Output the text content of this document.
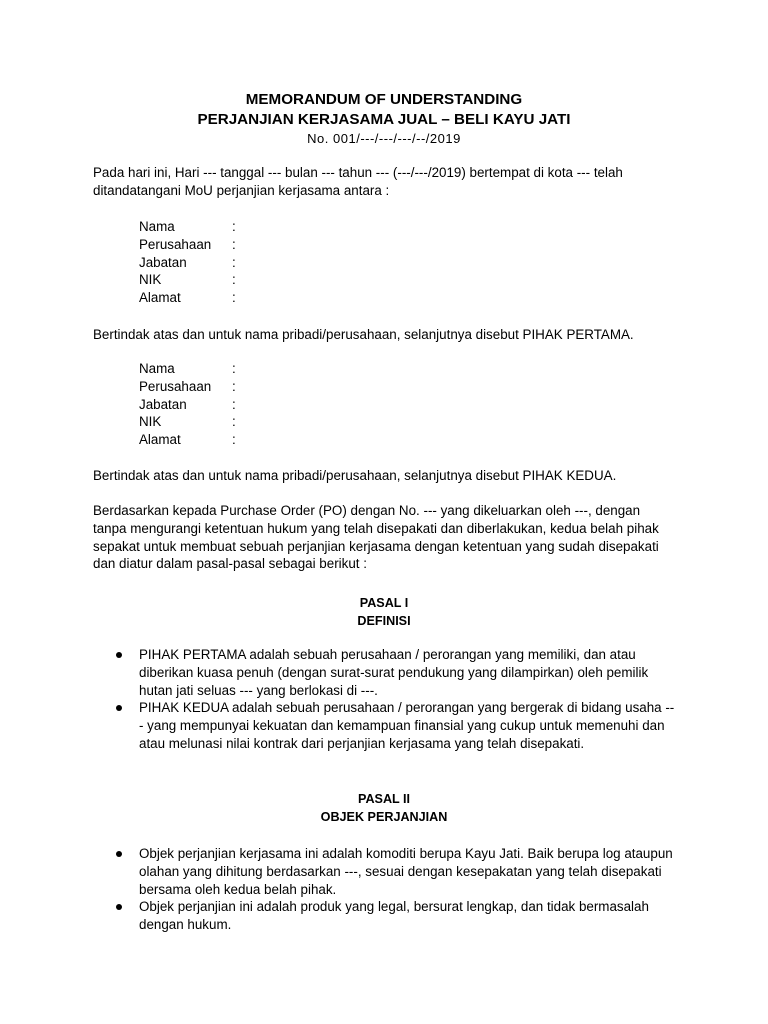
MEMORANDUM OF UNDERSTANDING
PERJANJIAN KERJASAMA JUAL – BELI KAYU JATI
No. 001/---/---/---/--/2019

Pada hari ini, Hari --- tanggal --- bulan --- tahun --- (---/---/2019) bertempat di kota --- telah ditandatangani MoU perjanjian kerjasama antara :

Nama	:
Perusahaan	:
Jabatan	:
NIK	:
Alamat	:

Bertindak atas dan untuk nama pribadi/perusahaan, selanjutnya disebut PIHAK PERTAMA.

Nama	:
Perusahaan	:
Jabatan	:
NIK	:
Alamat	:

Bertindak atas dan untuk nama pribadi/perusahaan, selanjutnya disebut PIHAK KEDUA.

Berdasarkan kepada Purchase Order (PO) dengan No. --- yang dikeluarkan oleh ---, dengan tanpa mengurangi ketentuan hukum yang telah disepakati dan diberlakukan, kedua belah pihak sepakat untuk membuat sebuah perjanjian kerjasama dengan ketentuan yang sudah disepakati dan diatur dalam pasal-pasal sebagai berikut :

PASAL I
DEFINISI
PIHAK PERTAMA adalah sebuah perusahaan / perorangan yang memiliki, dan atau diberikan kuasa penuh (dengan surat-surat pendukung yang dilampirkan) oleh pemilik hutan jati seluas --- yang berlokasi di ---.
PIHAK KEDUA adalah sebuah perusahaan / perorangan yang bergerak di bidang usaha --- yang mempunyai kekuatan dan kemampuan finansial yang cukup untuk memenuhi dan atau melunasi nilai kontrak dari perjanjian kerjasama yang telah disepakati.
PASAL II
OBJEK PERJANJIAN
Objek perjanjian kerjasama ini adalah komoditi berupa Kayu Jati. Baik berupa log ataupun olahan yang dihitung berdasarkan ---, sesuai dengan kesepakatan yang telah disepakati bersama oleh kedua belah pihak.
Objek perjanjian ini adalah produk yang legal, bersurat lengkap, dan tidak bermasalah dengan hukum.
